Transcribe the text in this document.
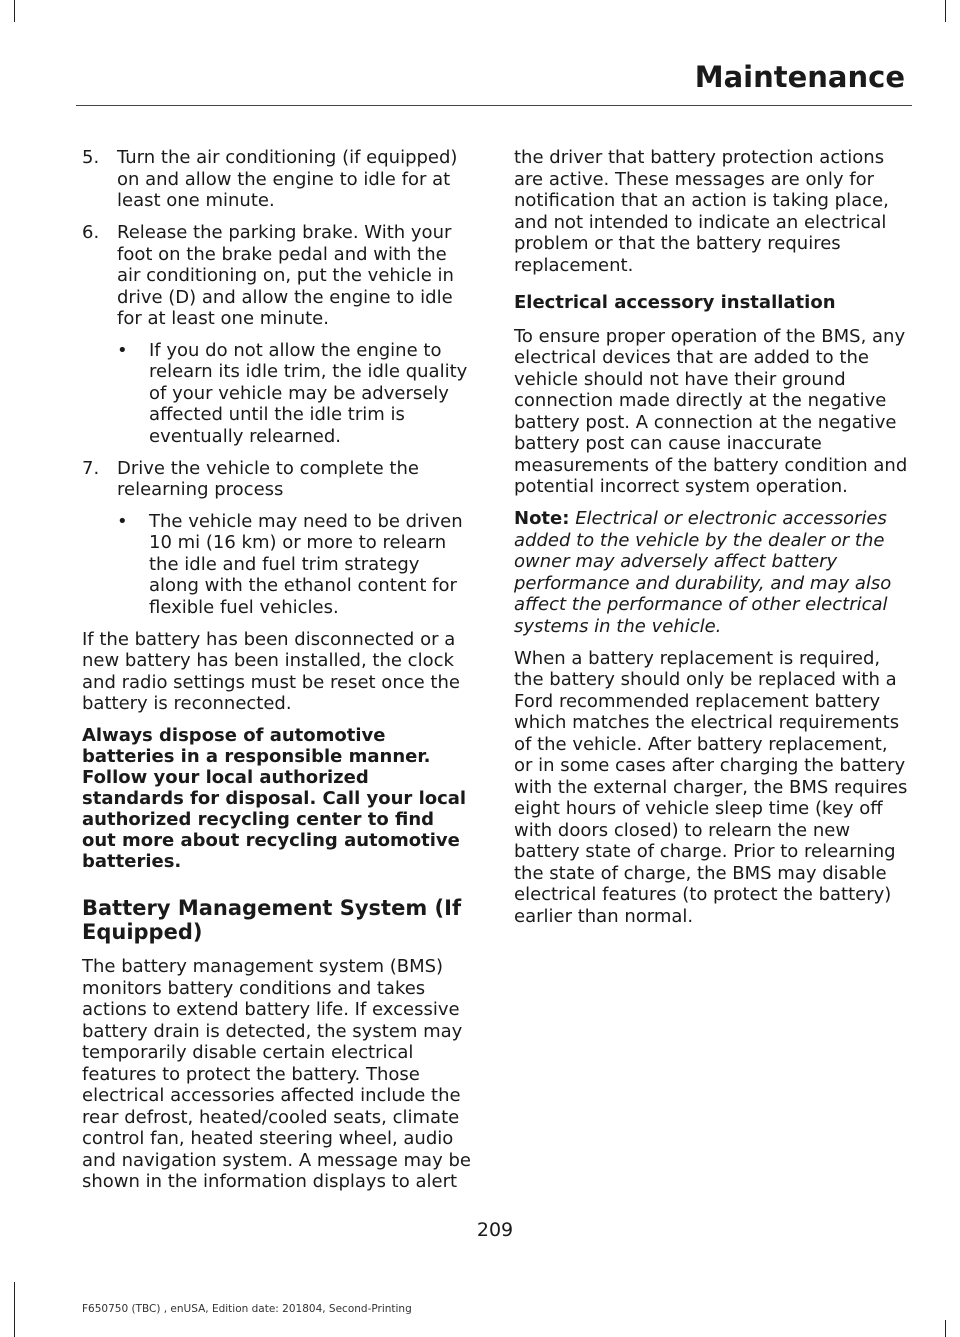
Maintenance
5. Turn the air conditioning (if equipped) on and allow the engine to idle for at least one minute.
6. Release the parking brake. With your foot on the brake pedal and with the air conditioning on, put the vehicle in drive (D) and allow the engine to idle for at least one minute.
• If you do not allow the engine to relearn its idle trim, the idle quality of your vehicle may be adversely affected until the idle trim is eventually relearned.
7. Drive the vehicle to complete the relearning process
• The vehicle may need to be driven 10 mi (16 km) or more to relearn the idle and fuel trim strategy along with the ethanol content for flexible fuel vehicles.

If the battery has been disconnected or a new battery has been installed, the clock and radio settings must be reset once the battery is reconnected.

Always dispose of automotive batteries in a responsible manner. Follow your local authorized standards for disposal. Call your local authorized recycling center to find out more about recycling automotive batteries.

Battery Management System (If Equipped)

The battery management system (BMS) monitors battery conditions and takes actions to extend battery life. If excessive battery drain is detected, the system may temporarily disable certain electrical features to protect the battery. Those electrical accessories affected include the rear defrost, heated/cooled seats, climate control fan, heated steering wheel, audio and navigation system. A message may be shown in the information displays to alert

the driver that battery protection actions are active. These messages are only for notification that an action is taking place, and not intended to indicate an electrical problem or that the battery requires replacement.

Electrical accessory installation

To ensure proper operation of the BMS, any electrical devices that are added to the vehicle should not have their ground connection made directly at the negative battery post. A connection at the negative battery post can cause inaccurate measurements of the battery condition and potential incorrect system operation.

Note: Electrical or electronic accessories added to the vehicle by the dealer or the owner may adversely affect battery performance and durability, and may also affect the performance of other electrical systems in the vehicle.

When a battery replacement is required, the battery should only be replaced with a Ford recommended replacement battery which matches the electrical requirements of the vehicle. After battery replacement, or in some cases after charging the battery with the external charger, the BMS requires eight hours of vehicle sleep time (key off with doors closed) to relearn the new battery state of charge. Prior to relearning the state of charge, the BMS may disable electrical features (to protect the battery) earlier than normal.

209
F650750 (TBC) , enUSA, Edition date: 201804, Second-Printing
